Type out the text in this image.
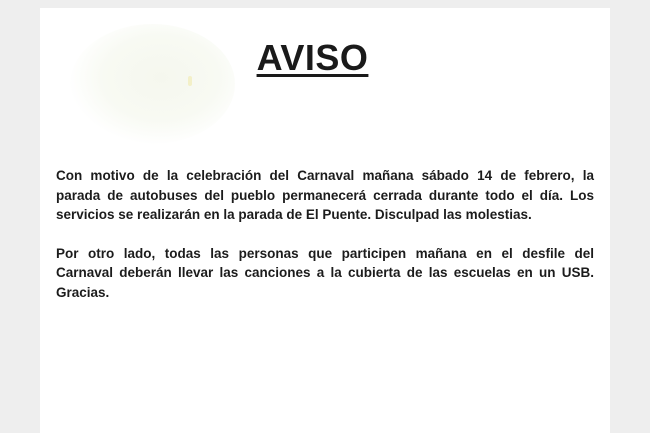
AVISO

Con motivo de la celebración del Carnaval mañana sábado 14 de febrero, la
parada de autobuses del pueblo permanecerá cerrada durante todo el día. Los
servicios se realizarán en la parada de El Puente. Disculpad las molestias.

Por otro lado, todas las personas que participen mañana en el desfile del
Carnaval deberán llevar las canciones a la cubierta de las escuelas en un USB.
Gracias.
